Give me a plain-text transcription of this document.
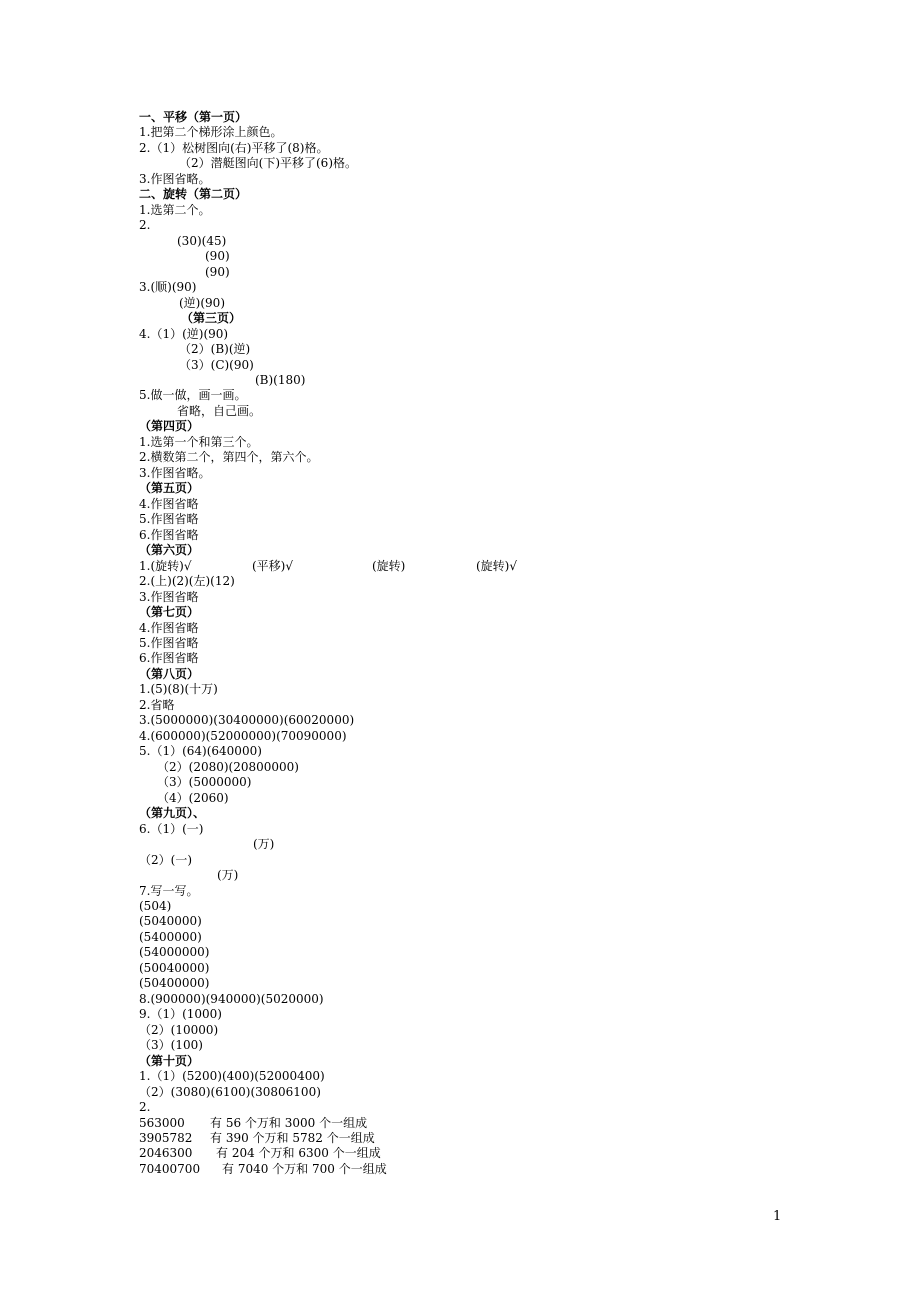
一、平移（第一页）
1.把第二个梯形涂上颜色。
2.（1）松树图向(右)平移了(8)格。
（2）潜艇图向(下)平移了(6)格。
3.作图省略。
二、旋转（第二页）
1.选第二个。
2.
(30)(45)
(90)
(90)
3.(顺)(90)
(逆)(90)
（第三页）
4.（1）(逆)(90)
（2）(B)(逆)
（3）(C)(90)
(B)(180)
5.做一做，画一画。
省略，自己画。
（第四页）
1.选第一个和第三个。
2.横数第二个，第四个，第六个。
3.作图省略。
（第五页）
4.作图省略
5.作图省略
6.作图省略
（第六页）
1.(旋转)√	(平移)√	(旋转)	(旋转)√
2.(上)(2)(左)(12)
3.作图省略
（第七页）
4.作图省略
5.作图省略
6.作图省略
（第八页）
1.(5)(8)(十万)
2.省略
3.(5000000)(30400000)(60020000)
4.(600000)(52000000)(70090000)
5.（1）(64)(640000)
（2）(2080)(20800000)
（3）(5000000)
（4）(2060)
（第九页）、
6.（1）(一)
(万)
（2）(一)
(万)
7.写一写。
(504)
(5040000)
(5400000)
(54000000)
(50040000)
(50400000)
8.(900000)(940000)(5020000)
9.（1）(1000)
（2）(10000)
（3）(100)
（第十页）
1.（1）(5200)(400)(52000400)
（2）(3080)(6100)(30806100)
2.
563000 有 56 个万和 3000 个一组成
3905782 有 390 个万和 5782 个一组成
2046300 有 204 个万和 6300 个一组成
70400700 有 7040 个万和 700 个一组成
1
